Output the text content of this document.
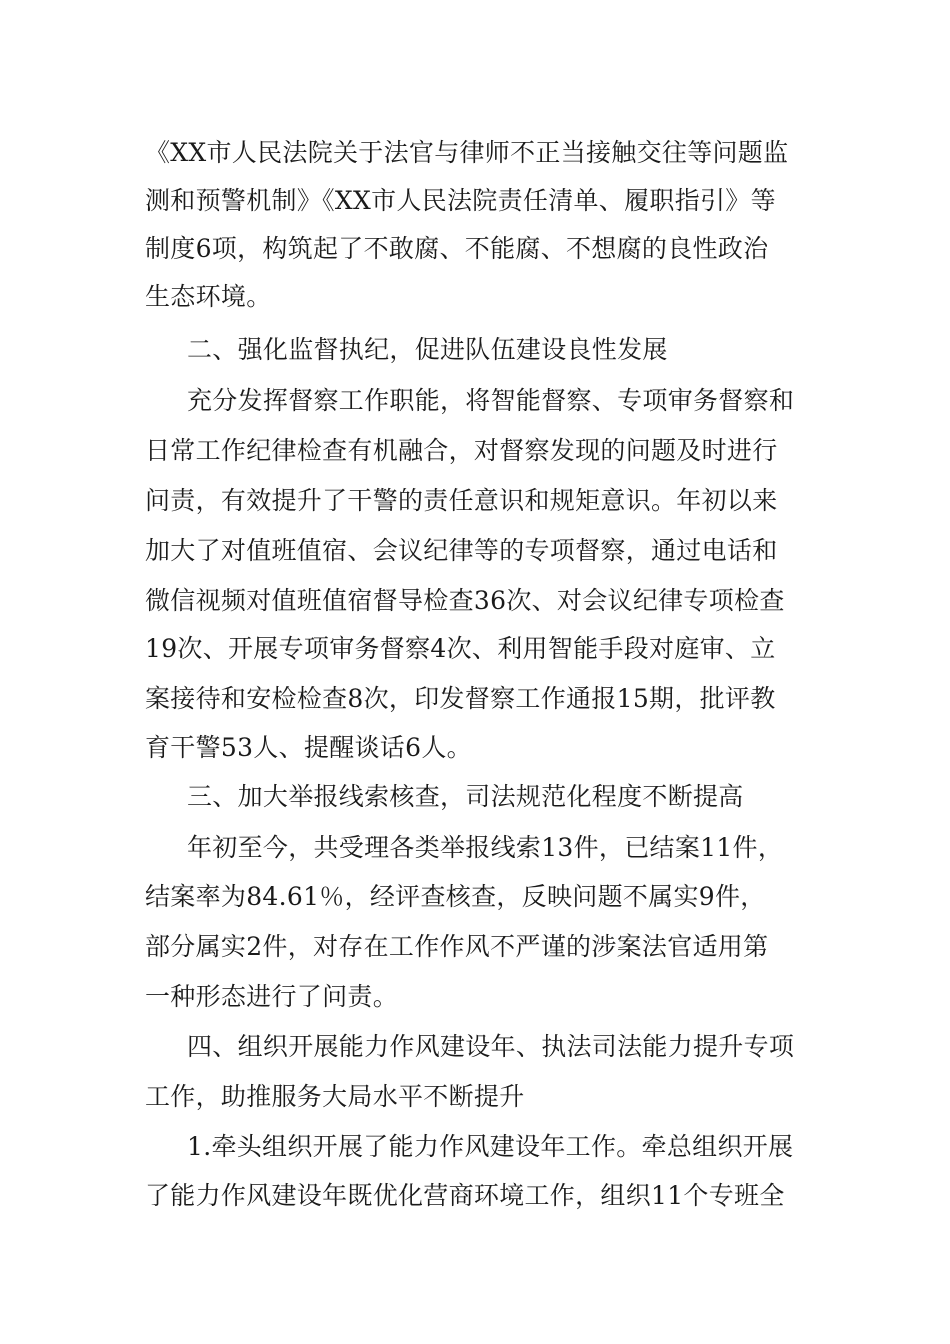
《XX市人民法院关于法官与律师不正当接触交往等问题监
测和预警机制》《XX市人民法院责任清单、履职指引》等
制度6项，构筑起了不敢腐、不能腐、不想腐的良性政治
生态环境。
二、强化监督执纪，促进队伍建设良性发展
充分发挥督察工作职能，将智能督察、专项审务督察和
日常工作纪律检查有机融合，对督察发现的问题及时进行
问责，有效提升了干警的责任意识和规矩意识。年初以来
加大了对值班值宿、会议纪律等的专项督察，通过电话和
微信视频对值班值宿督导检查36次、对会议纪律专项检查
19次、开展专项审务督察4次、利用智能手段对庭审、立
案接待和安检检查8次，印发督察工作通报15期，批评教
育干警53人、提醒谈话6人。
三、加大举报线索核查，司法规范化程度不断提高
年初至今，共受理各类举报线索13件，已结案11件，
结案率为84.61％，经评查核查，反映问题不属实9件，
部分属实2件，对存在工作作风不严谨的涉案法官适用第
一种形态进行了问责。
四、组织开展能力作风建设年、执法司法能力提升专项
工作，助推服务大局水平不断提升
1.牵头组织开展了能力作风建设年工作。牵总组织开展
了能力作风建设年既优化营商环境工作，组织11个专班全
